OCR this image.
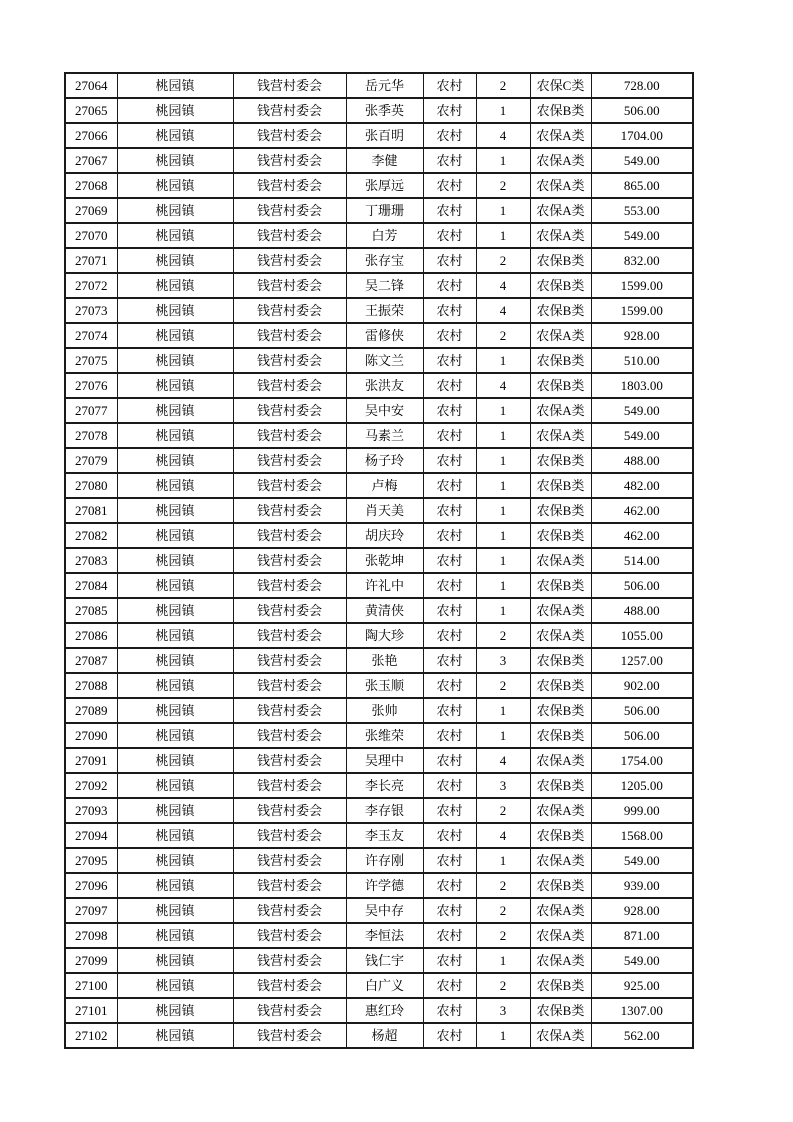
27064	桃园镇	钱营村委会	岳元华	农村	2	农保C类	728.00
27065	桃园镇	钱营村委会	张季英	农村	1	农保B类	506.00
27066	桃园镇	钱营村委会	张百明	农村	4	农保A类	1704.00
27067	桃园镇	钱营村委会	李健	农村	1	农保A类	549.00
27068	桃园镇	钱营村委会	张厚远	农村	2	农保A类	865.00
27069	桃园镇	钱营村委会	丁珊珊	农村	1	农保A类	553.00
27070	桃园镇	钱营村委会	白芳	农村	1	农保A类	549.00
27071	桃园镇	钱营村委会	张存宝	农村	2	农保B类	832.00
27072	桃园镇	钱营村委会	吴二锋	农村	4	农保B类	1599.00
27073	桃园镇	钱营村委会	王振荣	农村	4	农保B类	1599.00
27074	桃园镇	钱营村委会	雷修侠	农村	2	农保A类	928.00
27075	桃园镇	钱营村委会	陈文兰	农村	1	农保B类	510.00
27076	桃园镇	钱营村委会	张洪友	农村	4	农保B类	1803.00
27077	桃园镇	钱营村委会	吴中安	农村	1	农保A类	549.00
27078	桃园镇	钱营村委会	马素兰	农村	1	农保A类	549.00
27079	桃园镇	钱营村委会	杨子玲	农村	1	农保B类	488.00
27080	桃园镇	钱营村委会	卢梅	农村	1	农保B类	482.00
27081	桃园镇	钱营村委会	肖天美	农村	1	农保B类	462.00
27082	桃园镇	钱营村委会	胡庆玲	农村	1	农保B类	462.00
27083	桃园镇	钱营村委会	张乾坤	农村	1	农保A类	514.00
27084	桃园镇	钱营村委会	许礼中	农村	1	农保B类	506.00
27085	桃园镇	钱营村委会	黄清侠	农村	1	农保A类	488.00
27086	桃园镇	钱营村委会	陶大珍	农村	2	农保A类	1055.00
27087	桃园镇	钱营村委会	张艳	农村	3	农保B类	1257.00
27088	桃园镇	钱营村委会	张玉顺	农村	2	农保B类	902.00
27089	桃园镇	钱营村委会	张帅	农村	1	农保B类	506.00
27090	桃园镇	钱营村委会	张维荣	农村	1	农保B类	506.00
27091	桃园镇	钱营村委会	吴理中	农村	4	农保A类	1754.00
27092	桃园镇	钱营村委会	李长亮	农村	3	农保B类	1205.00
27093	桃园镇	钱营村委会	李存银	农村	2	农保A类	999.00
27094	桃园镇	钱营村委会	李玉友	农村	4	农保B类	1568.00
27095	桃园镇	钱营村委会	许存刚	农村	1	农保A类	549.00
27096	桃园镇	钱营村委会	许学德	农村	2	农保B类	939.00
27097	桃园镇	钱营村委会	吴中存	农村	2	农保A类	928.00
27098	桃园镇	钱营村委会	李恒法	农村	2	农保A类	871.00
27099	桃园镇	钱营村委会	钱仁宇	农村	1	农保A类	549.00
27100	桃园镇	钱营村委会	白广义	农村	2	农保B类	925.00
27101	桃园镇	钱营村委会	惠红玲	农村	3	农保B类	1307.00
27102	桃园镇	钱营村委会	杨超	农村	1	农保A类	562.00
